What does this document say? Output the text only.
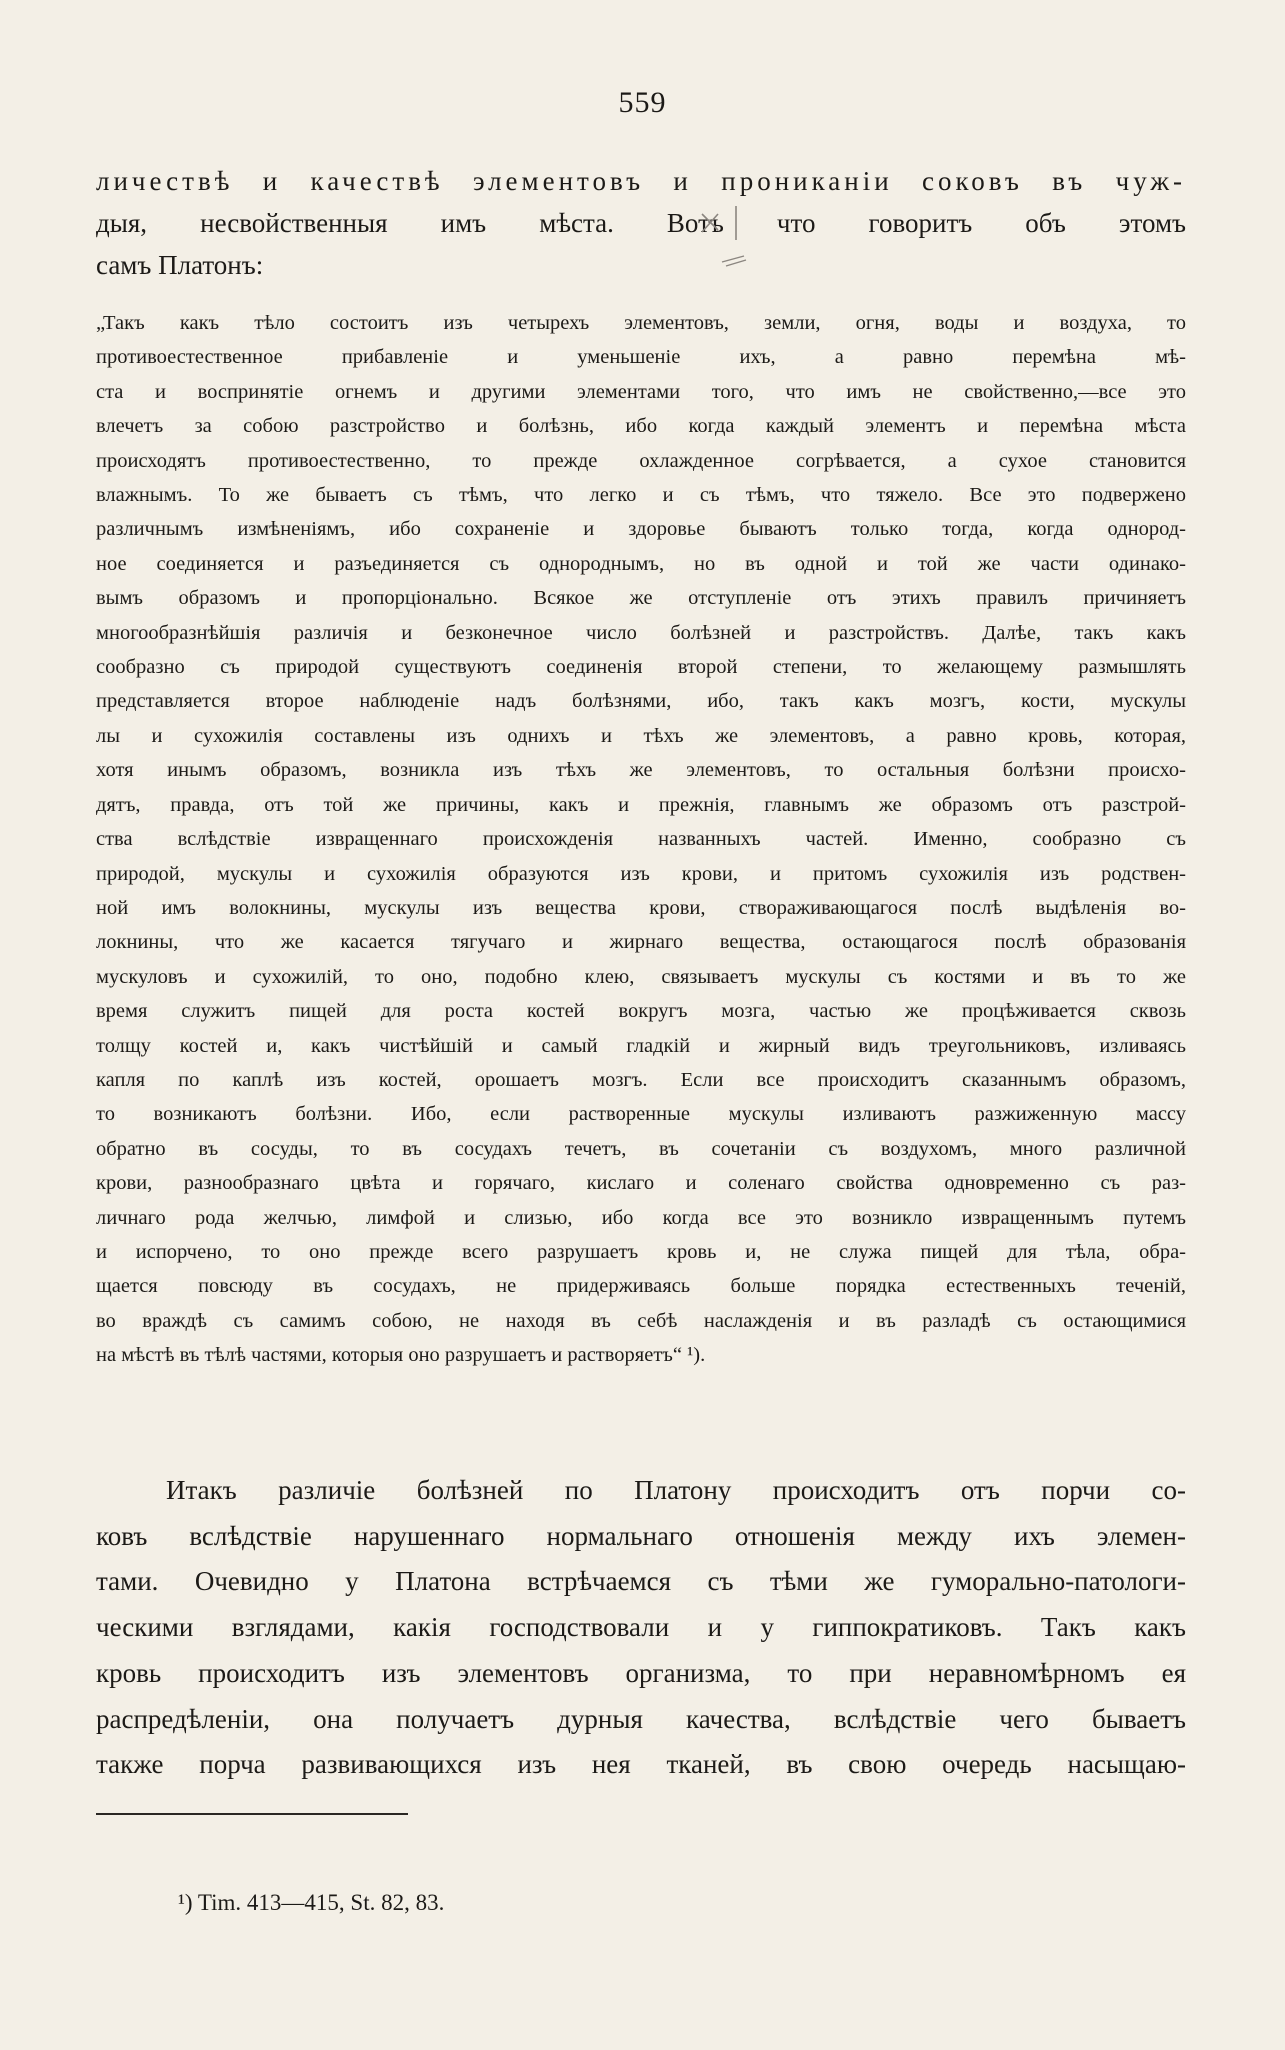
559
личествѣ и качествѣ элементовъ и прониканіи соковъ въ чуж-
дыя, несвойственныя имъ мѣста. Вотъ что говоритъ объ этомъ
самъ Платонъ:
„Такъ какъ тѣло состоитъ изъ четырехъ элементовъ, земли, огня, воды и воздуха, то
противоестественное прибавленіе и уменьшеніе ихъ, а равно перемѣна мѣ-
ста и воспринятіе огнемъ и другими элементами того, что имъ не свойственно,—все это
влечетъ за собою разстройство и болѣзнь, ибо когда каждый элементъ и перемѣна мѣста
происходятъ противоестественно, то прежде охлажденное согрѣвается, а сухое становится
влажнымъ. То же бываетъ съ тѣмъ, что легко и съ тѣмъ, что тяжело. Все это подвержено
различнымъ измѣненіямъ, ибо сохраненіе и здоровье бываютъ только тогда, когда однород-
ное соединяется и разъединяется съ однороднымъ, но въ одной и той же части одинако-
вымъ образомъ и пропорціонально. Всякое же отступленіе отъ этихъ правилъ причиняетъ
многообразнѣйшія различія и безконечное число болѣзней и разстройствъ. Далѣе, такъ какъ
сообразно съ природой существуютъ соединенія второй степени, то желающему размышлять
представляется второе наблюденіе надъ болѣзнями, ибо, такъ какъ мозгъ, кости, мускулы
лы и сухожилія составлены изъ однихъ и тѣхъ же элементовъ, а равно кровь, которая,
хотя инымъ образомъ, возникла изъ тѣхъ же элементовъ, то остальныя болѣзни происхо-
дятъ, правда, отъ той же причины, какъ и прежнія, главнымъ же образомъ отъ разстрой-
ства вслѣдствіе извращеннаго происхожденія названныхъ частей. Именно, сообразно съ
природой, мускулы и сухожилія образуются изъ крови, и притомъ сухожилія изъ родствен-
ной имъ волокнины, мускулы изъ вещества крови, створаживающагося послѣ выдѣленія во-
локнины, что же касается тягучаго и жирнаго вещества, остающагося послѣ образованія
мускуловъ и сухожилій, то оно, подобно клею, связываетъ мускулы съ костями и въ то же
время служитъ пищей для роста костей вокругъ мозга, частью же процѣживается сквозь
толщу костей и, какъ чистѣйшій и самый гладкій и жирный видъ треугольниковъ, изливаясь
капля по каплѣ изъ костей, орошаетъ мозгъ. Если все происходитъ сказаннымъ образомъ,
то возникаютъ болѣзни. Ибо, если растворенные мускулы изливаютъ разжиженную массу
обратно въ сосуды, то въ сосудахъ течетъ, въ сочетаніи съ воздухомъ, много различной
крови, разнообразнаго цвѣта и горячаго, кислаго и соленаго свойства одновременно съ раз-
личнаго рода желчью, лимфой и слизью, ибо когда все это возникло извращеннымъ путемъ
и испорчено, то оно прежде всего разрушаетъ кровь и, не служа пищей для тѣла, обра-
щается повсюду въ сосудахъ, не придерживаясь больше порядка естественныхъ теченій,
во враждѣ съ самимъ собою, не находя въ себѣ наслажденія и въ разладѣ съ остающимися
на мѣстѣ въ тѣлѣ частями, которыя оно разрушаетъ и растворяетъ“ ¹).
Итакъ различіе болѣзней по Платону происходитъ отъ порчи со-
ковъ вслѣдствіе нарушеннаго нормальнаго отношенія между ихъ элемен-
тами. Очевидно у Платона встрѣчаемся съ тѣми же гуморально-патологи-
ческими взглядами, какія господствовали и у гиппократиковъ. Такъ какъ
кровь происходитъ изъ элементовъ организма, то при неравномѣрномъ ея
распредѣленіи, она получаетъ дурныя качества, вслѣдствіе чего бываетъ
также порча развивающихся изъ нея тканей, въ свою очередь насыщаю-
¹) Tim. 413—415, St. 82, 83.
